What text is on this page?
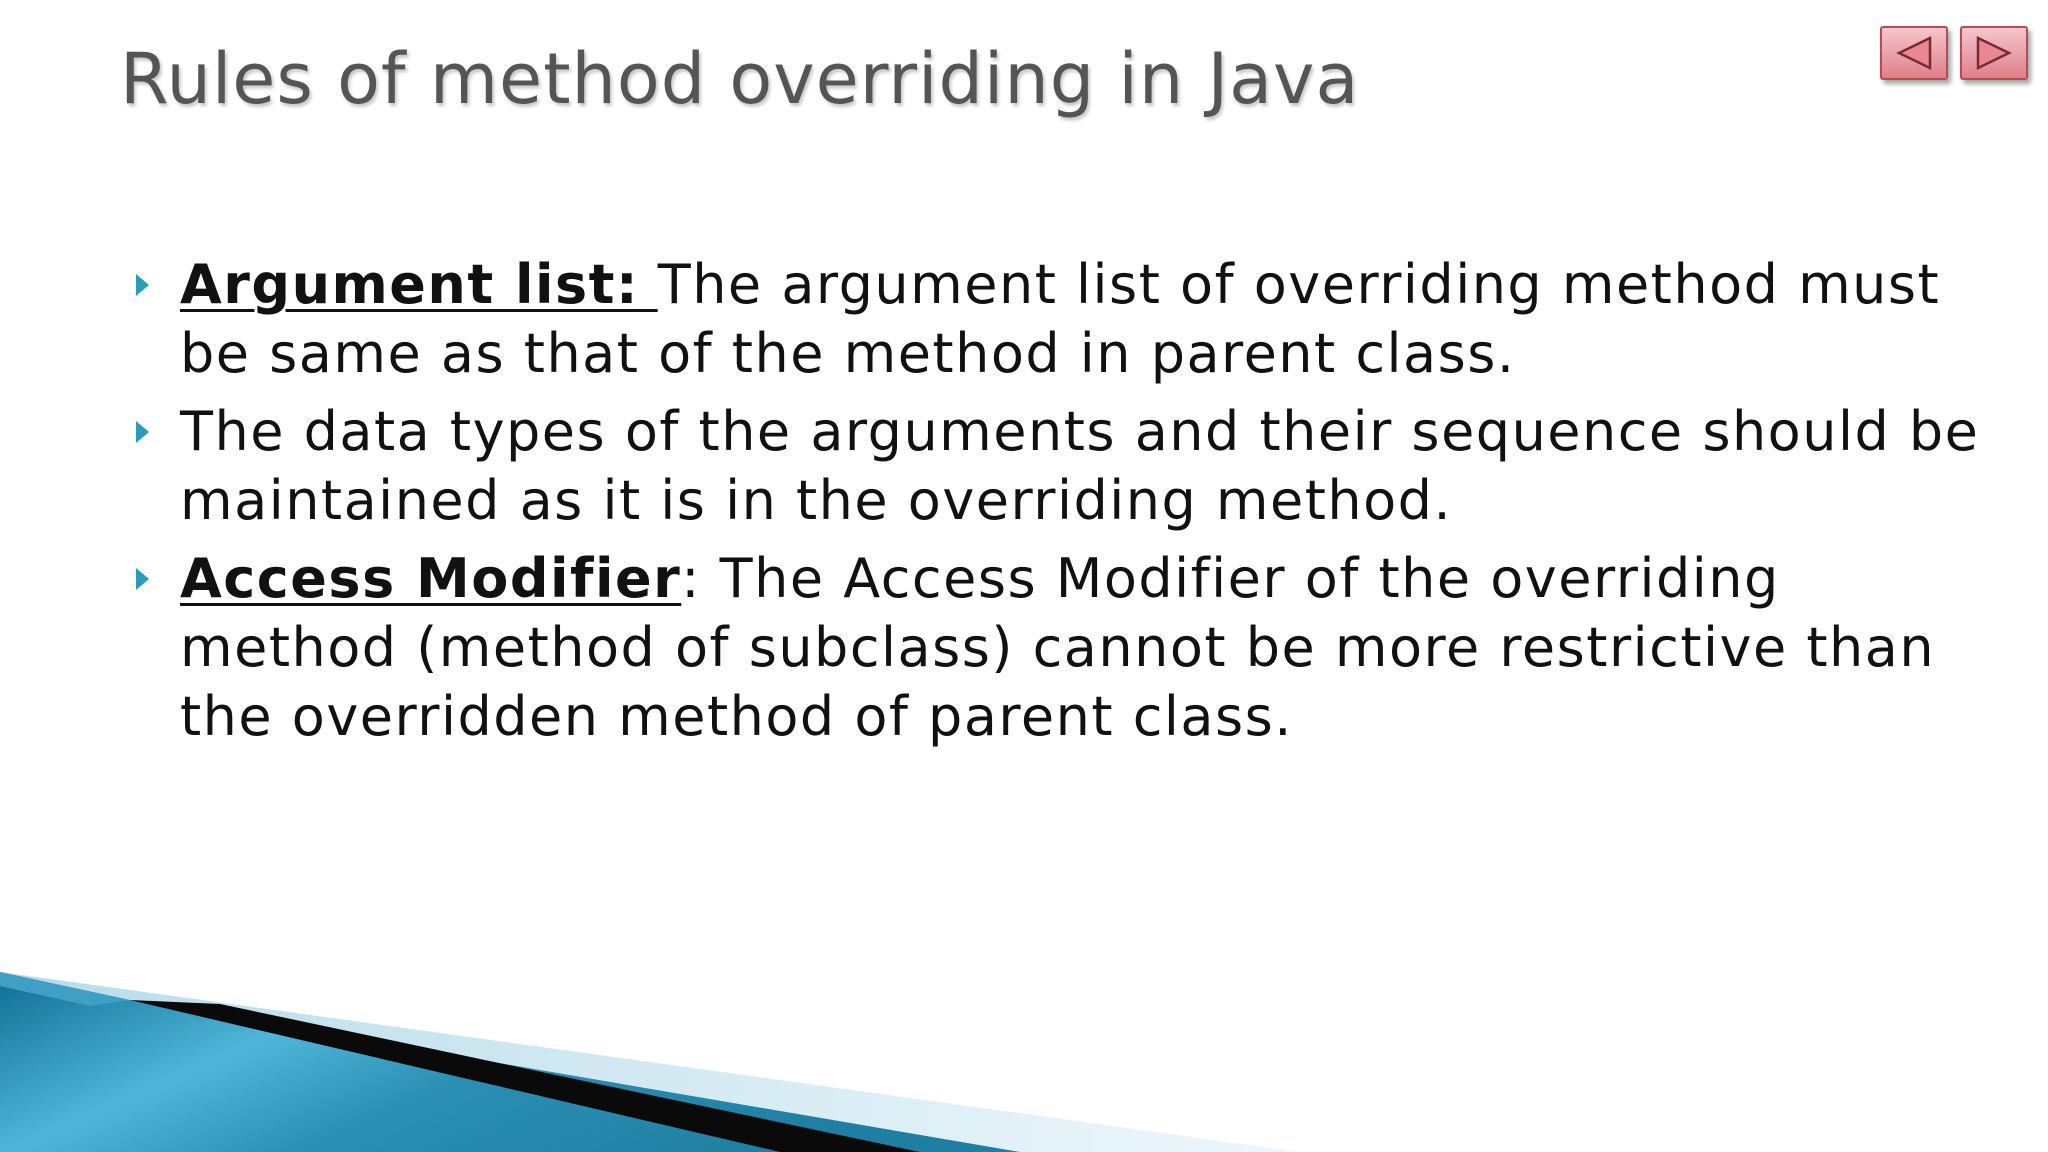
Rules of method overriding in Java
Argument list: The argument list of overriding method must be same as that of the method in parent class.
The data types of the arguments and their sequence should be maintained as it is in the overriding method.
Access Modifier: The Access Modifier of the overriding method (method of subclass) cannot be more restrictive than the overridden method of parent class.
